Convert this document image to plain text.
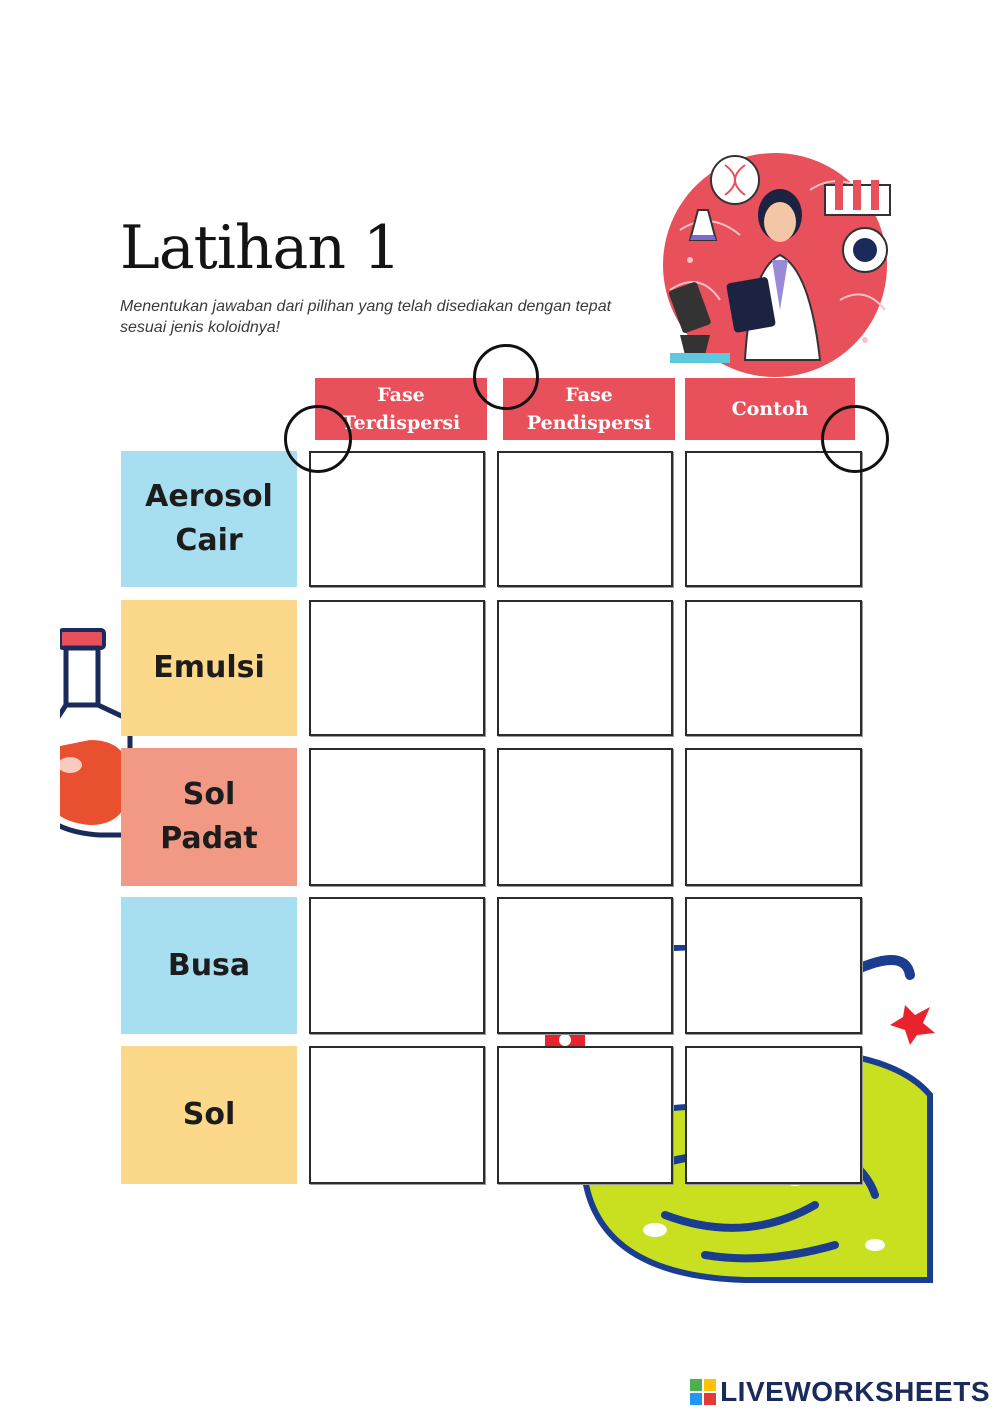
Latihan 1
Menentukan jawaban dari pilihan yang telah disediakan dengan tepat sesuai jenis koloidnya!
Fase
Terdispersi
Fase
Pendispersi
Contoh
Aerosol
Cair
Emulsi
Sol
Padat
Busa
Sol
LIVEWORKSHEETS
